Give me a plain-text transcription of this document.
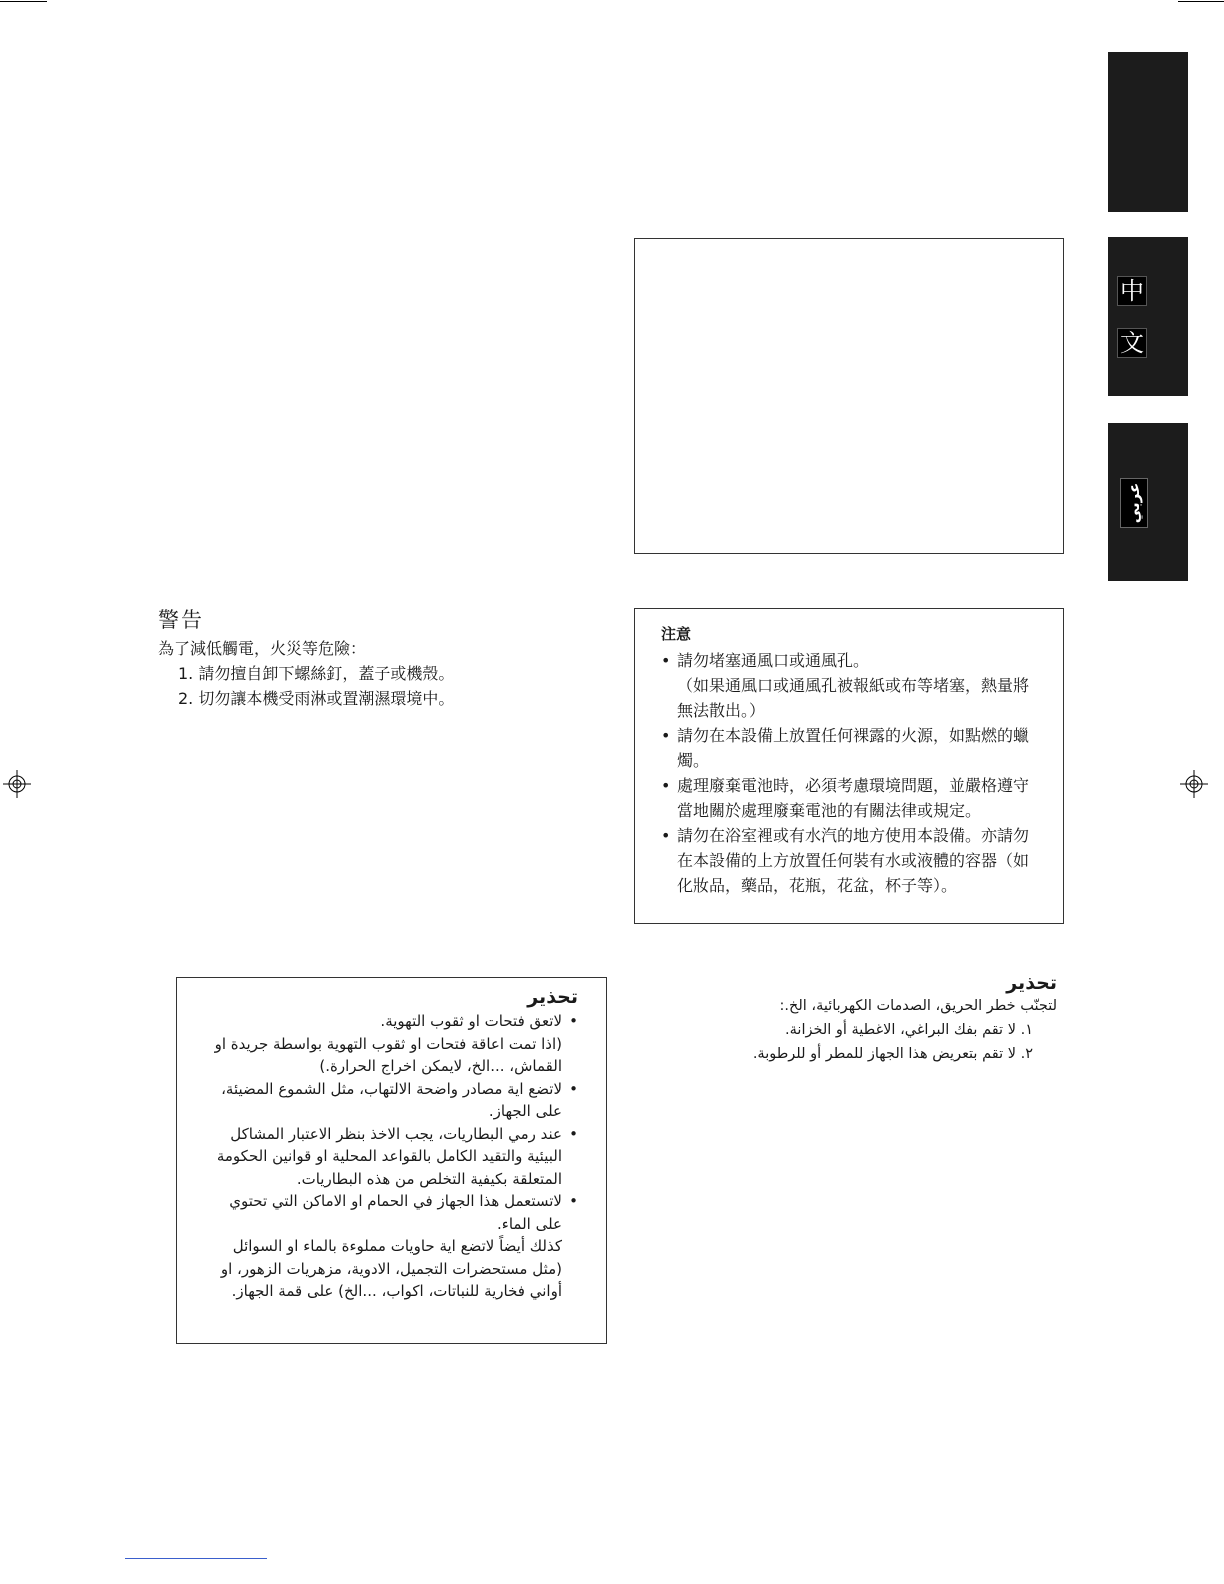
中
文
عربي
警告
為了減低觸電，火災等危險：
1. 請勿擅自卸下螺絲釘，蓋子或機殼。
2. 切勿讓本機受雨淋或置潮濕環境中。
注意
• 請勿堵塞通風口或通風孔。
（如果通風口或通風孔被報紙或布等堵塞，熱量將無法散出。）
• 請勿在本設備上放置任何裸露的火源，如點燃的蠟燭。
• 處理廢棄電池時，必須考慮環境問題，並嚴格遵守當地關於處理廢棄電池的有關法律或規定。
• 請勿在浴室裡或有水汽的地方使用本設備。亦請勿在本設備的上方放置任何裝有水或液體的容器（如化妝品，藥品，花瓶，花盆，杯子等）。
تحذير
• لاتعق فتحات او ثقوب التهوية.
(اذا تمت اعاقة فتحات او ثقوب التهوية بواسطة جريدة او القماش، ...الخ، لايمكن اخراج الحرارة.)
• لاتضع اية مصادر واضحة الالتهاب، مثل الشموع المضيئة، على الجهاز.
• عند رمي البطاريات، يجب الاخذ بنظر الاعتبار المشاكل البيئية والتقيد الكامل بالقواعد المحلية او قوانين الحكومة المتعلقة بكيفية التخلص من هذه البطاريات.
• لاتستعمل هذا الجهاز في الحمام او الاماكن التي تحتوي على الماء.
كذلك أيضاً لاتضع اية حاويات مملوءة بالماء او السوائل (مثل مستحضرات التجميل، الادوية، مزهريات الزهور، او أواني فخارية للنباتات، اكواب، ...الخ) على قمة الجهاز.
تحذير
لتجنّب خطر الحريق، الصدمات الكهربائية، الخ.:
١. لا تقم بفك البراغي، الاغطية أو الخزانة.
٢. لا تقم بتعريض هذا الجهاز للمطر أو للرطوبة.
